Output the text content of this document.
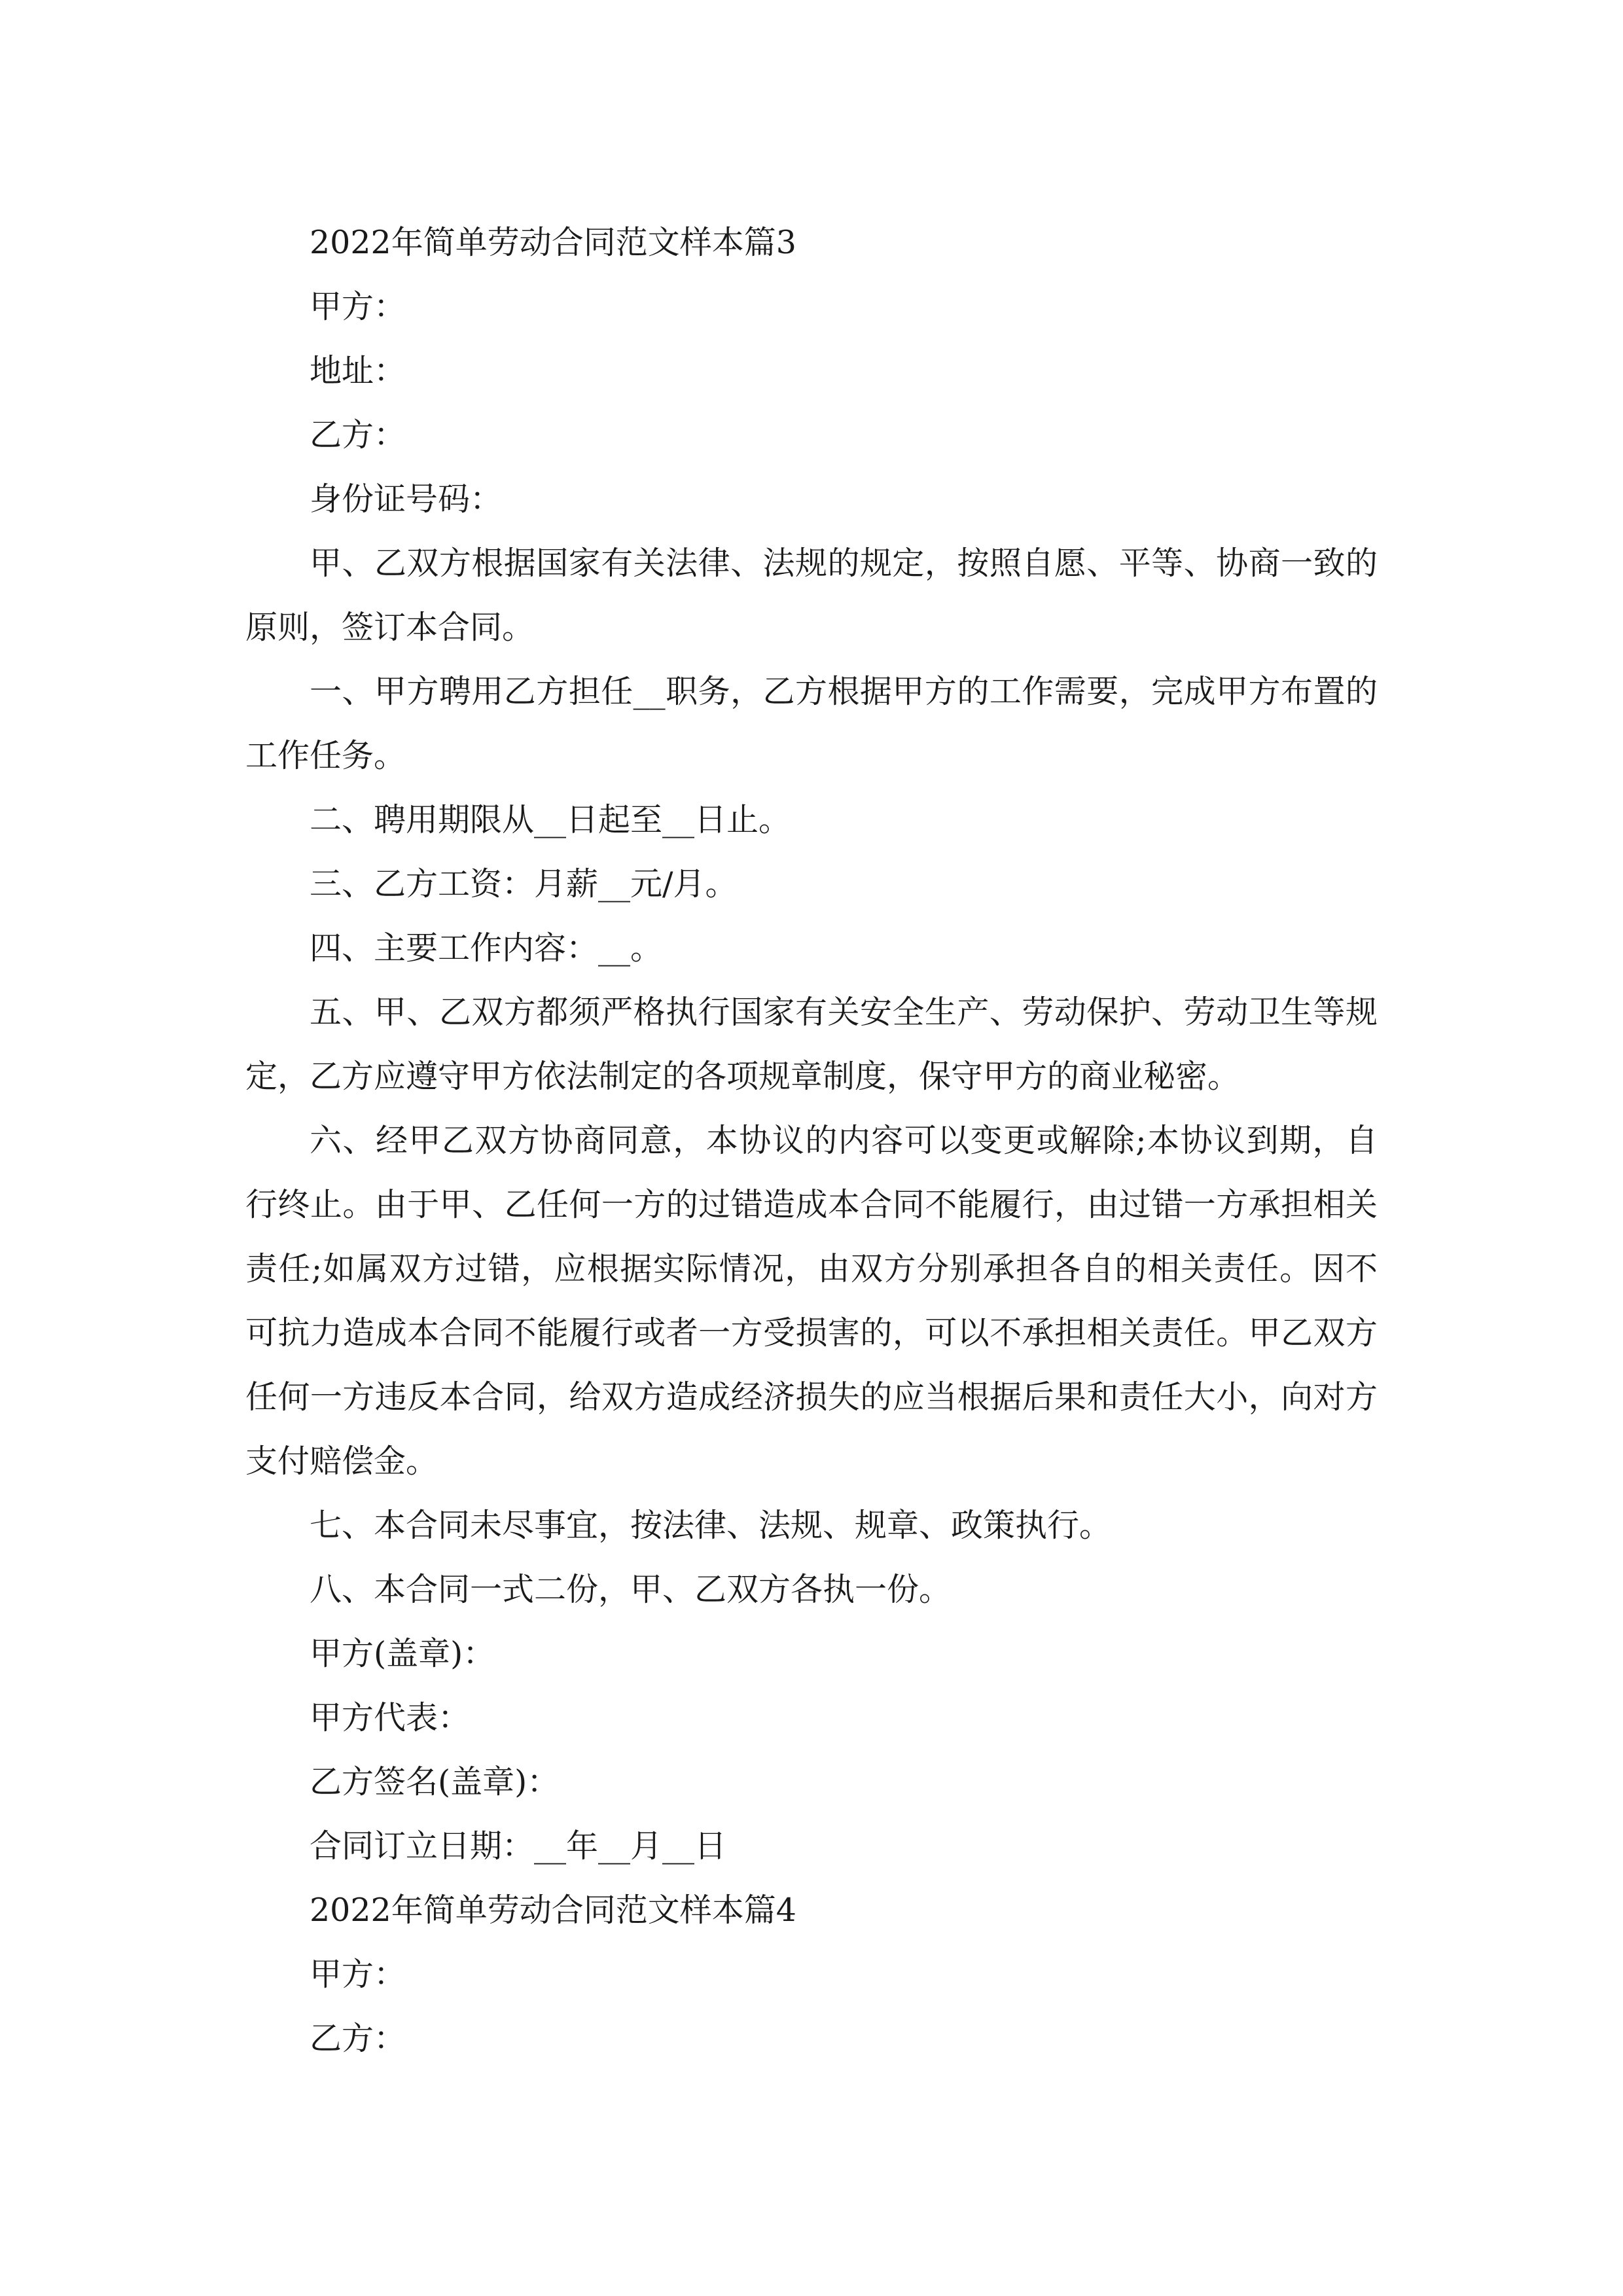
2022年简单劳动合同范文样本篇3

甲方：

地址：

乙方：

身份证号码：

甲、乙双方根据国家有关法律、法规的规定，按照自愿、平等、协商一致的原则，签订本合同。

一、甲方聘用乙方担任__职务，乙方根据甲方的工作需要，完成甲方布置的工作任务。

二、聘用期限从__日起至__日止。

三、乙方工资：月薪__元/月。

四、主要工作内容：__。

五、甲、乙双方都须严格执行国家有关安全生产、劳动保护、劳动卫生等规定，乙方应遵守甲方依法制定的各项规章制度，保守甲方的商业秘密。

六、经甲乙双方协商同意，本协议的内容可以变更或解除;本协议到期，自行终止。由于甲、乙任何一方的过错造成本合同不能履行，由过错一方承担相关责任;如属双方过错，应根据实际情况，由双方分别承担各自的相关责任。因不可抗力造成本合同不能履行或者一方受损害的，可以不承担相关责任。甲乙双方任何一方违反本合同，给双方造成经济损失的应当根据后果和责任大小，向对方支付赔偿金。

七、本合同未尽事宜，按法律、法规、规章、政策执行。

八、本合同一式二份，甲、乙双方各执一份。

甲方(盖章)：

甲方代表：

乙方签名(盖章)：

合同订立日期：__年__月__日

2022年简单劳动合同范文样本篇4

甲方：

乙方：
